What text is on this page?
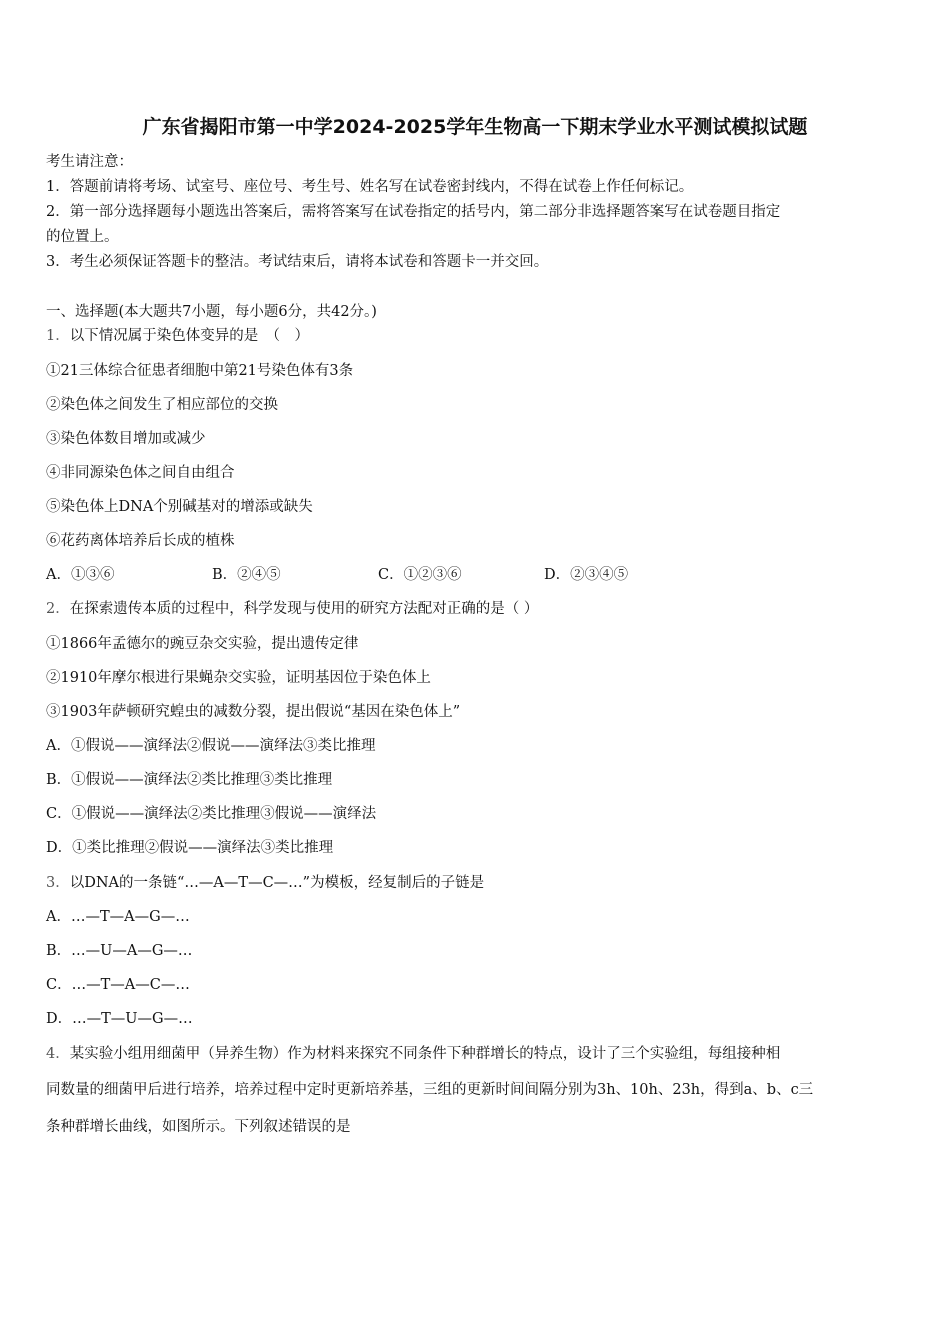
广东省揭阳市第一中学2024-2025学年生物高一下期末学业水平测试模拟试题
考生请注意：
1．答题前请将考场、试室号、座位号、考生号、姓名写在试卷密封线内，不得在试卷上作任何标记。
2．第一部分选择题每小题选出答案后，需将答案写在试卷指定的括号内，第二部分非选择题答案写在试卷题目指定
的位置上。
3．考生必须保证答题卡的整洁。考试结束后，请将本试卷和答题卡一并交回。
一、选择题(本大题共7小题，每小题6分，共42分。)
1．以下情况属于染色体变异的是　（　）
①21三体综合征患者细胞中第21号染色体有3条
②染色体之间发生了相应部位的交换
③染色体数目增加或减少
④非同源染色体之间自由组合
⑤染色体上DNA个别碱基对的增添或缺失
⑥花药离体培养后长成的植株
A．①③⑥	B．②④⑤	C．①②③⑥	D．②③④⑤
2．在探索遗传本质的过程中，科学发现与使用的研究方法配对正确的是（ ）
①1866年孟德尔的豌豆杂交实验，提出遗传定律
②1910年摩尔根进行果蝇杂交实验，证明基因位于染色体上
③1903年萨顿研究蝗虫的减数分裂，提出假说“基因在染色体上”
A．①假说——演绎法②假说——演绎法③类比推理
B．①假说——演绎法②类比推理③类比推理
C．①假说——演绎法②类比推理③假说——演绎法
D．①类比推理②假说——演绎法③类比推理
3．以DNA的一条链“…—A—T—C—…”为模板，经复制后的子链是
A．…—T—A—G—…
B．…—U—A—G—…
C．…—T—A—C—…
D．…—T—U—G—…
4．某实验小组用细菌甲（异养生物）作为材料来探究不同条件下种群增长的特点，设计了三个实验组，每组接种相
同数量的细菌甲后进行培养，培养过程中定时更新培养基，三组的更新时间间隔分别为3h、10h、23h，得到a、b、c三
条种群增长曲线，如图所示。下列叙述错误的是
